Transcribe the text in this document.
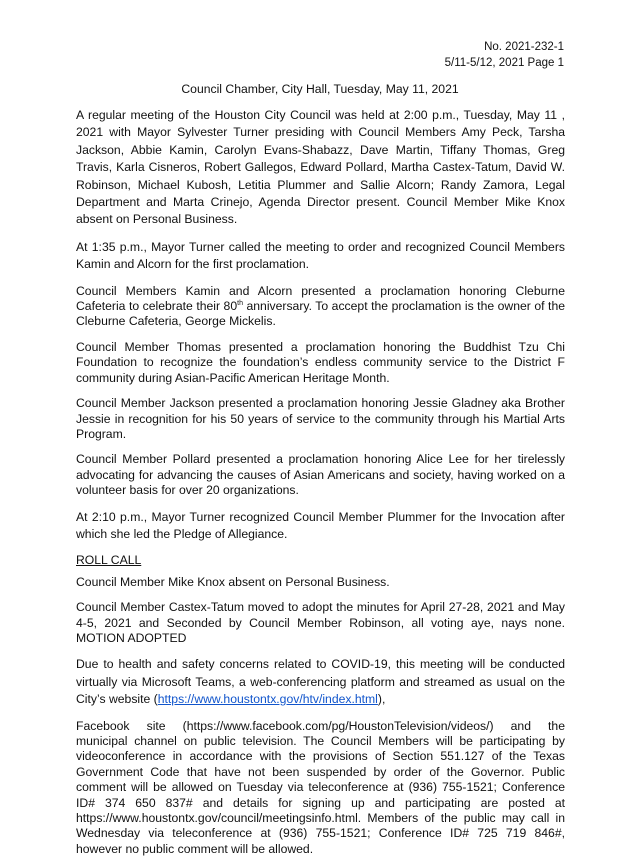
No. 2021-232-1
5/11-5/12, 2021 Page 1
Council Chamber, City Hall, Tuesday, May 11, 2021

A regular meeting of the Houston City Council was held at 2:00 p.m., Tuesday, May 11 , 2021 with Mayor Sylvester Turner presiding with Council Members Amy Peck, Tarsha Jackson, Abbie Kamin, Carolyn Evans-Shabazz, Dave Martin, Tiffany Thomas, Greg Travis, Karla Cisneros, Robert Gallegos, Edward Pollard, Martha Castex-Tatum, David W. Robinson, Michael Kubosh, Letitia Plummer and Sallie Alcorn; Randy Zamora, Legal Department and Marta Crinejo, Agenda Director present. Council Member Mike Knox absent on Personal Business.

At 1:35 p.m., Mayor Turner called the meeting to order and recognized Council Members Kamin and Alcorn for the first proclamation.

Council Members Kamin and Alcorn presented a proclamation honoring Cleburne Cafeteria to celebrate their 80th anniversary. To accept the proclamation is the owner of the Cleburne Cafeteria, George Mickelis.

Council Member Thomas presented a proclamation honoring the Buddhist Tzu Chi Foundation to recognize the foundation’s endless community service to the District F community during Asian-Pacific American Heritage Month.

Council Member Jackson presented a proclamation honoring Jessie Gladney aka Brother Jessie in recognition for his 50 years of service to the community through his Martial Arts Program.

Council Member Pollard presented a proclamation honoring Alice Lee for her tirelessly advocating for advancing the causes of Asian Americans and society, having worked on a volunteer basis for over 20 organizations.

At 2:10 p.m., Mayor Turner recognized Council Member Plummer for the Invocation after which she led the Pledge of Allegiance.

ROLL CALL

Council Member Mike Knox absent on Personal Business.

Council Member Castex-Tatum moved to adopt the minutes for April 27-28, 2021 and May 4-5, 2021 and Seconded by Council Member Robinson, all voting aye, nays none. MOTION ADOPTED

Due to health and safety concerns related to COVID-19, this meeting will be conducted virtually via Microsoft Teams, a web-conferencing platform and streamed as usual on the City’s website (https://www.houstontx.gov/htv/index.html),

Facebook site (https://www.facebook.com/pg/HoustonTelevision/videos/) and the municipal channel on public television. The Council Members will be participating by videoconference in accordance with the provisions of Section 551.127 of the Texas Government Code that have not been suspended by order of the Governor. Public comment will be allowed on Tuesday via teleconference at (936) 755-1521; Conference ID# 374 650 837# and details for signing up and participating are posted at https://www.houstontx.gov/council/meetingsinfo.html. Members of the public may call in Wednesday via teleconference at (936) 755-1521; Conference ID# 725 719 846#, however no public comment will be allowed.
